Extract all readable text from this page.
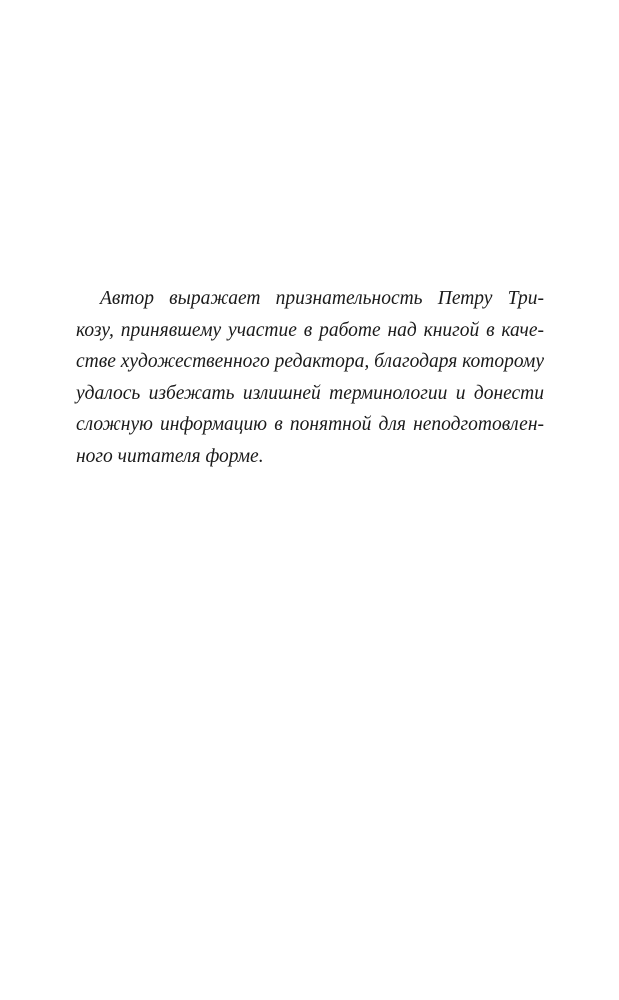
Автор выражает признательность Петру Три-
козу, принявшему участие в работе над книгой в каче-
стве художественного редактора, благодаря которому
удалось избежать излишней терминологии и донести
сложную информацию в понятной для неподготовлен-
ного читателя форме.
